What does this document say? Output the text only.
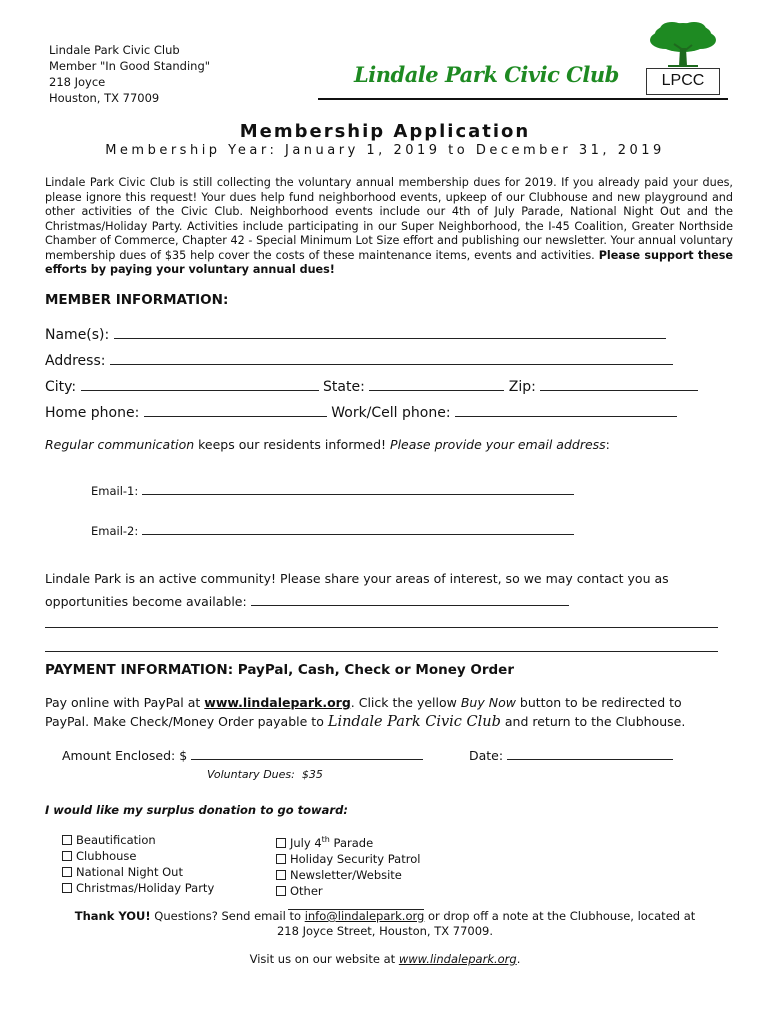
Lindale Park Civic Club
Member "In Good Standing"
218 Joyce
Houston, TX 77009
Lindale Park Civic Club	LPCC
Membership Application
Membership Year: January 1, 2019 to December 31, 2019
Lindale Park Civic Club is still collecting the voluntary annual membership dues for 2019. If you already paid your dues, please ignore this request! Your dues help fund neighborhood events, upkeep of our Clubhouse and new playground and other activities of the Civic Club. Neighborhood events include our 4th of July Parade, National Night Out and the Christmas/Holiday Party. Activities include participating in our Super Neighborhood, the I-45 Coalition, Greater Northside Chamber of Commerce, Chapter 42 - Special Minimum Lot Size effort and publishing our newsletter. Your annual voluntary membership dues of $35 help cover the costs of these maintenance items, events and activities. Please support these efforts by paying your voluntary annual dues!
MEMBER INFORMATION:
Name(s):
Address:
City:	State:	Zip:
Home phone:	Work/Cell phone:
Regular communication keeps our residents informed! Please provide your email address:
Email-1:
Email-2:
Lindale Park is an active community! Please share your areas of interest, so we may contact you as
opportunities become available:
PAYMENT INFORMATION: PayPal, Cash, Check or Money Order
Pay online with PayPal at www.lindalepark.org. Click the yellow Buy Now button to be redirected to
PayPal. Make Check/Money Order payable to Lindale Park Civic Club and return to the Clubhouse.
Amount Enclosed: $	Date:
Voluntary Dues:  $35
I would like my surplus donation to go toward:
Beautification
Clubhouse
National Night Out
Christmas/Holiday Party
July 4th Parade
Holiday Security Patrol
Newsletter/Website
Other
Thank YOU! Questions? Send email to info@lindalepark.org or drop off a note at the Clubhouse, located at
218 Joyce Street, Houston, TX 77009.
Visit us on our website at www.lindalepark.org.
